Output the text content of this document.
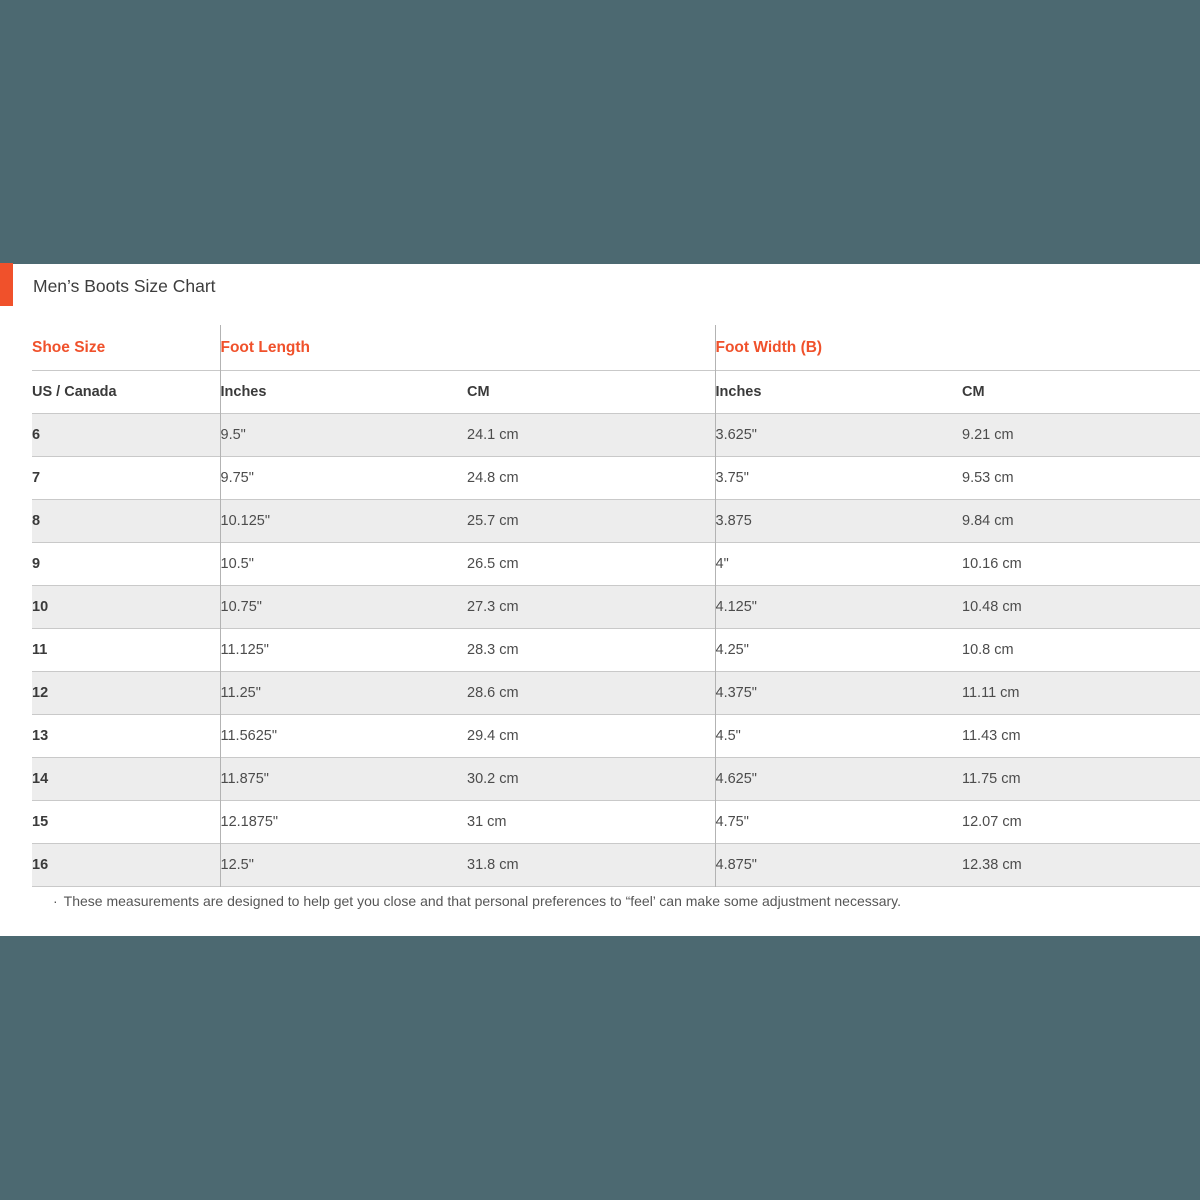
Men’s Boots Size Chart
Shoe Size	Foot Length		Foot Width (B)	
US / Canada	Inches	CM	Inches	CM
6	9.5"	24.1 cm	3.625"	9.21 cm
7	9.75"	24.8 cm	3.75"	9.53 cm
8	10.125"	25.7 cm	3.875	9.84 cm
9	10.5"	26.5 cm	4"	10.16 cm
10	10.75"	27.3 cm	4.125"	10.48 cm
11	11.125"	28.3 cm	4.25"	10.8 cm
12	11.25"	28.6 cm	4.375"	11.11 cm
13	11.5625"	29.4 cm	4.5"	11.43 cm
14	11.875"	30.2 cm	4.625"	11.75 cm
15	12.1875"	31 cm	4.75"	12.07 cm
16	12.5"	31.8 cm	4.875"	12.38 cm
· These measurements are designed to help get you close and that personal preferences to “feel’ can make some adjustment necessary.
